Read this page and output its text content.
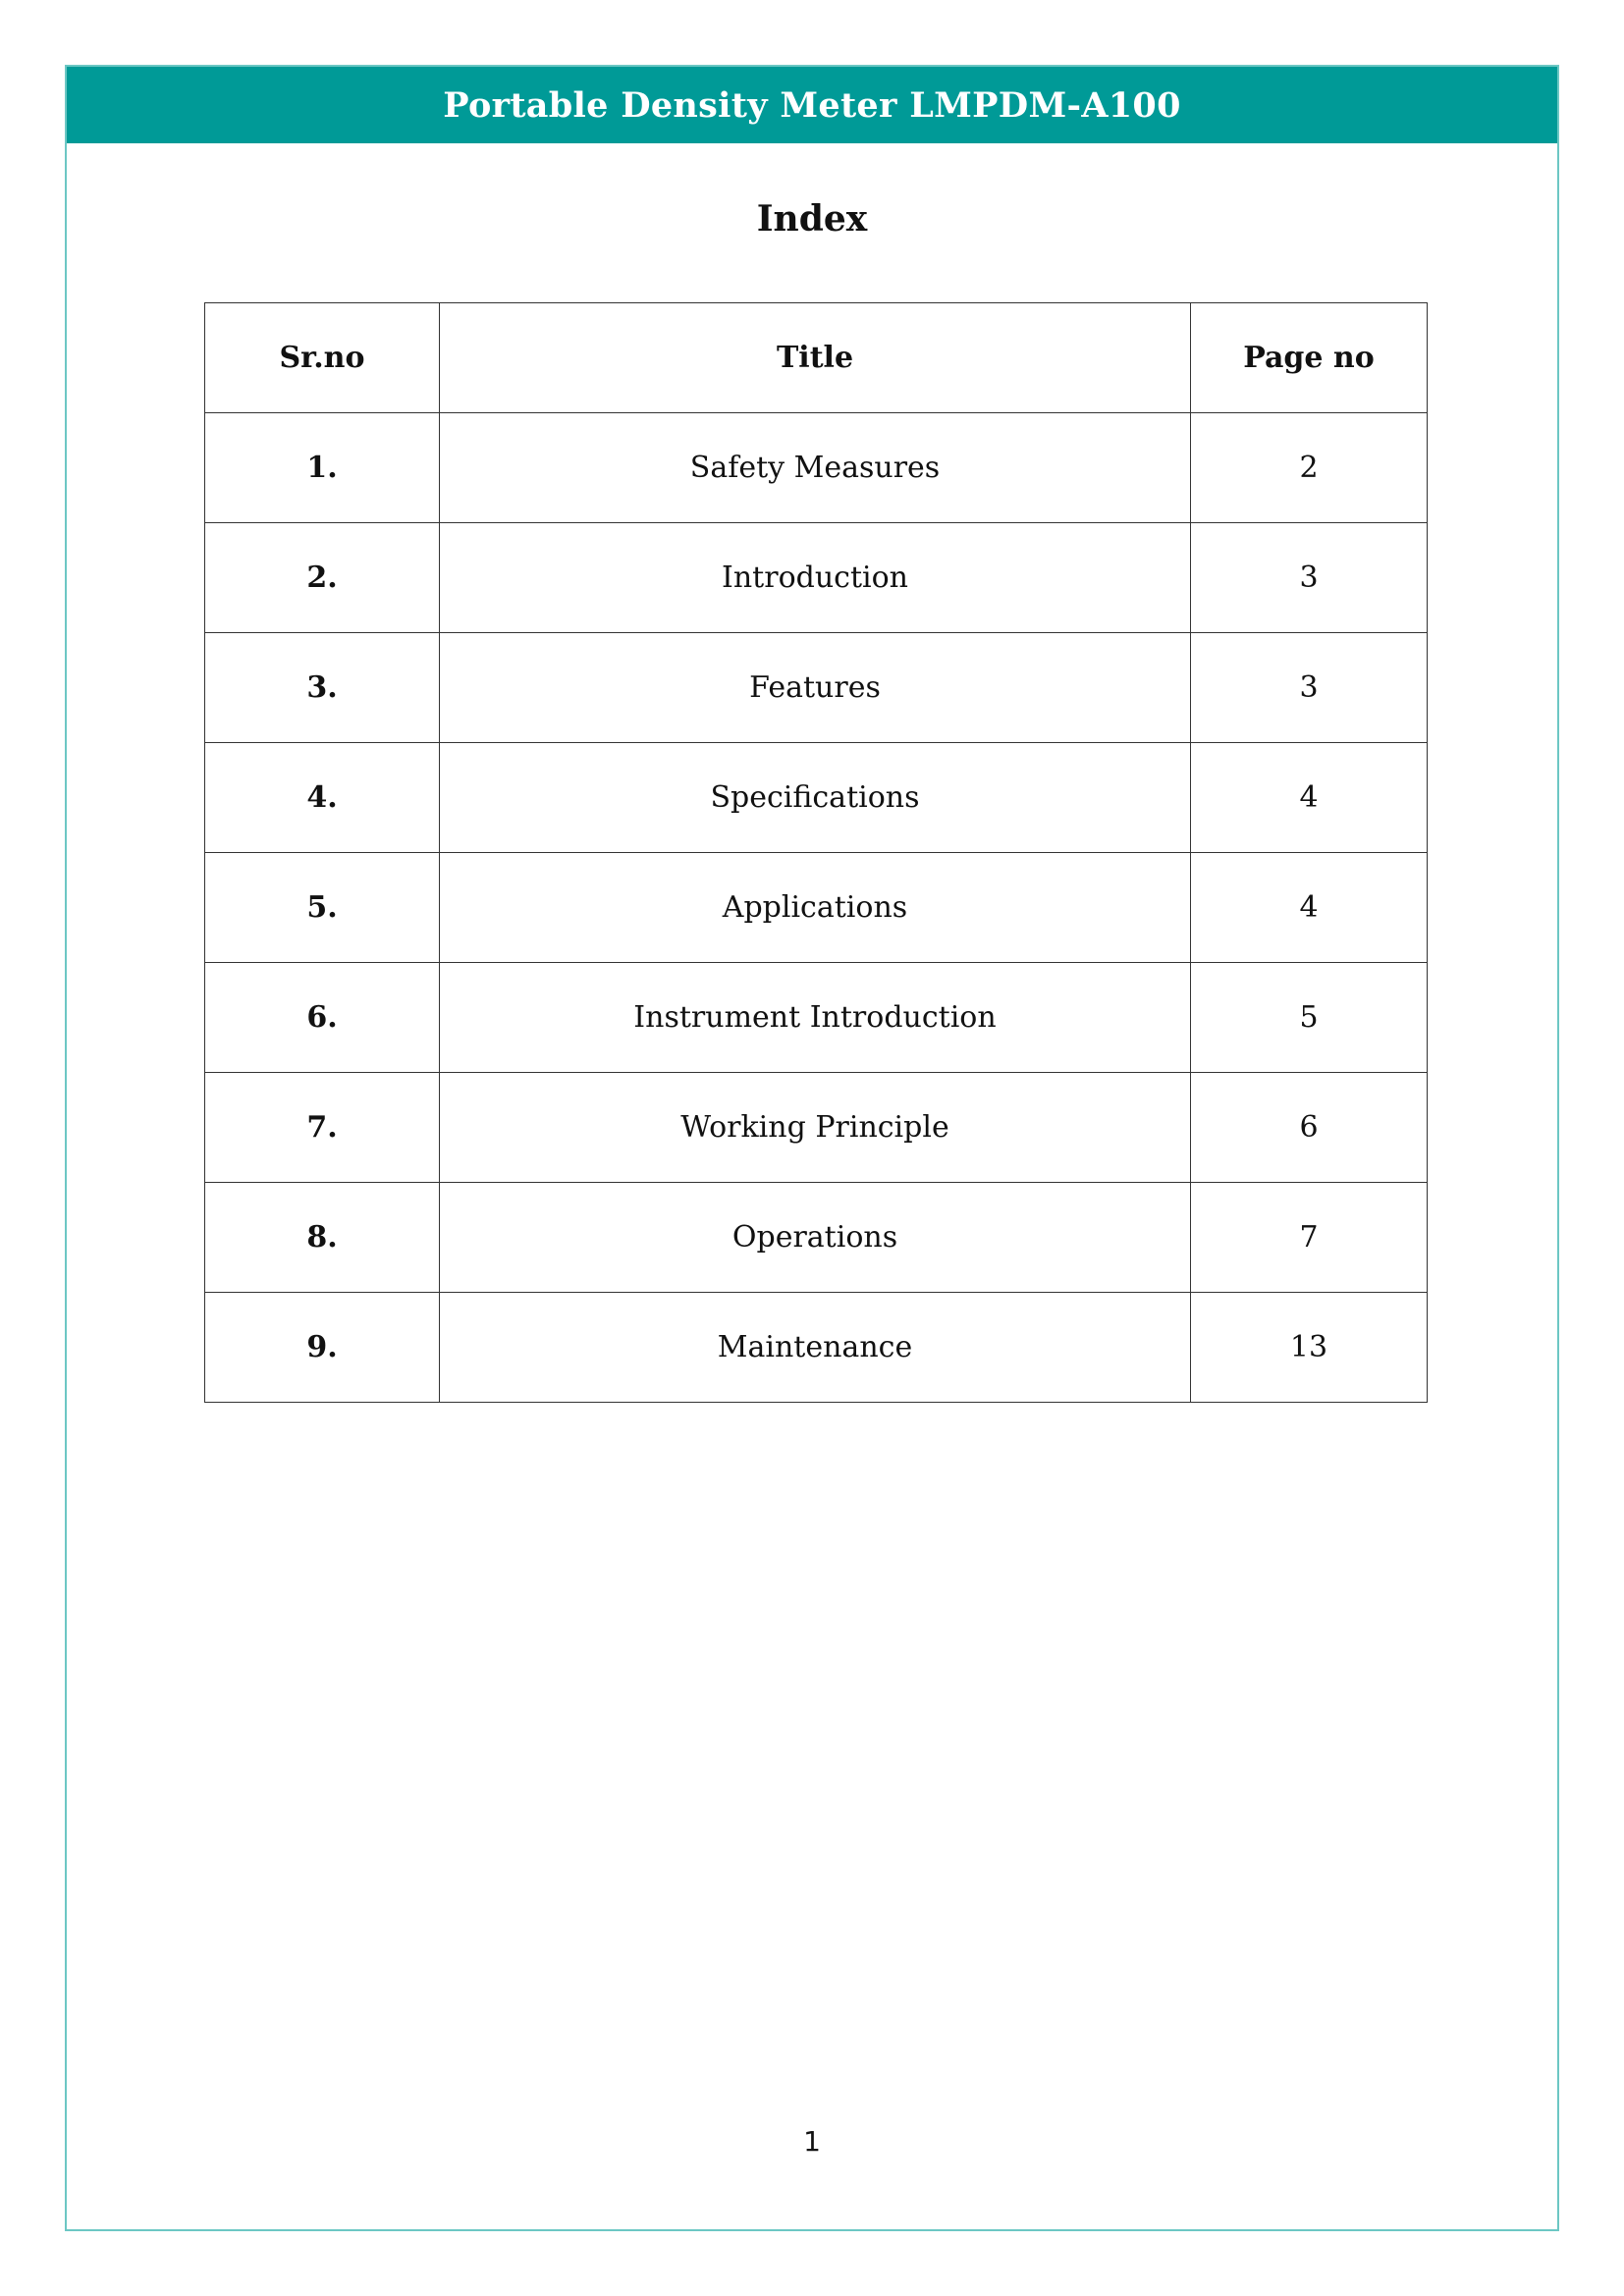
Portable Density Meter LMPDM-A100
Index
Sr.no	Title	Page no
1.	Safety Measures	2
2.	Introduction	3
3.	Features	3
4.	Specifications	4
5.	Applications	4
6.	Instrument Introduction	5
7.	Working Principle	6
8.	Operations	7
9.	Maintenance	13
1
